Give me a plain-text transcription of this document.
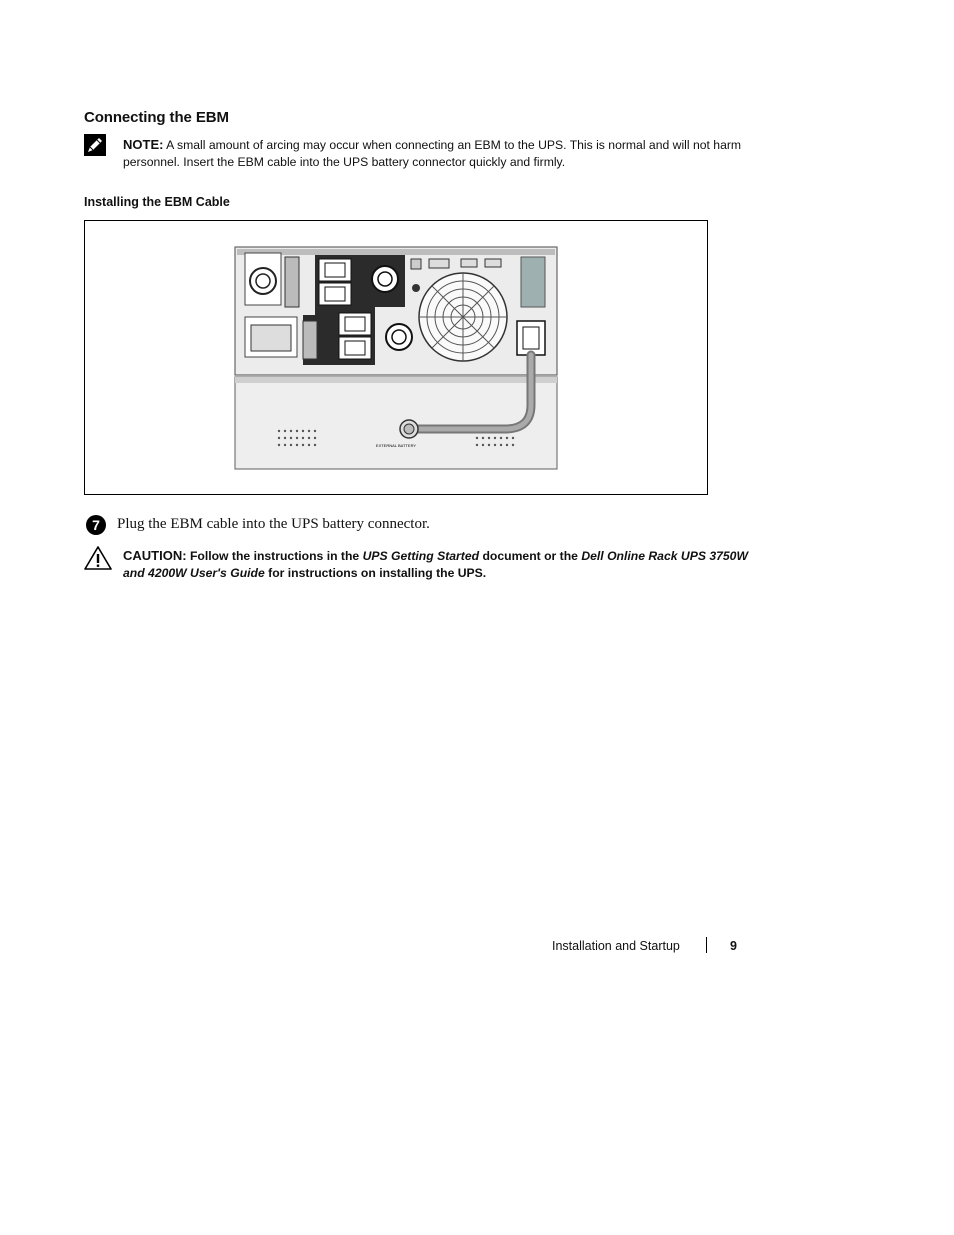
Connecting the EBM
NOTE: A small amount of arcing may occur when connecting an EBM to the UPS. This is normal and will not harm personnel. Insert the EBM cable into the UPS battery connector quickly and firmly.
Installing the EBM Cable
EXTERNAL BATTERY
7	Plug the EBM cable into the UPS battery connector.
CAUTION: Follow the instructions in the UPS Getting Started document or the Dell Online Rack UPS 3750W and 4200W User's Guide for instructions on installing the UPS.
Installation and Startup	9
